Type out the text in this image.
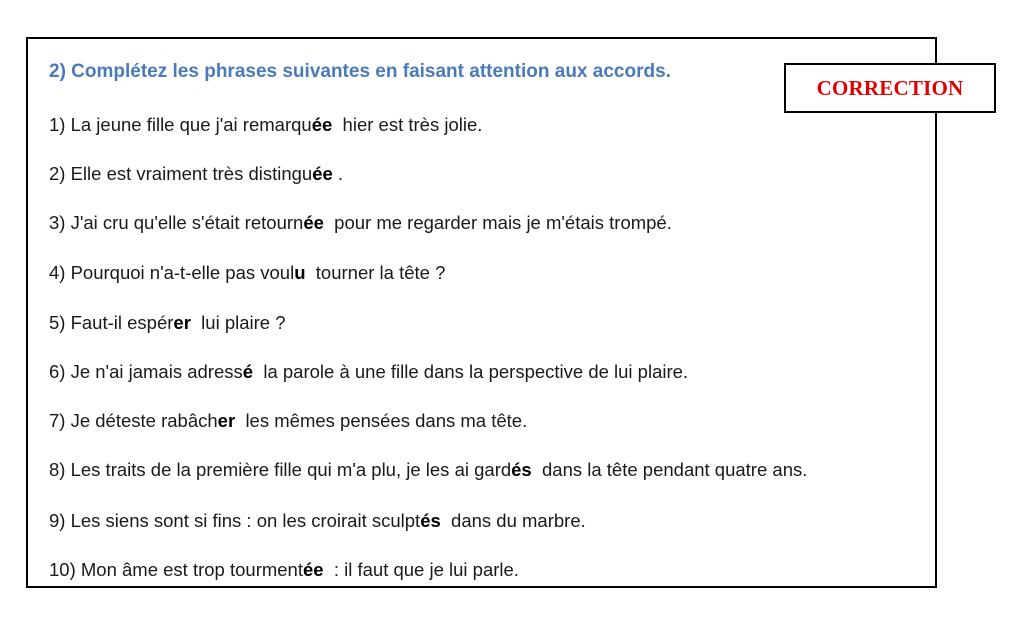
2) Complétez les phrases suivantes en faisant attention aux accords.
1) La jeune fille que j'ai remarquée  hier est très jolie.
2) Elle est vraiment très distinguée .
3) J'ai cru qu'elle s'était retournée  pour me regarder mais je m'étais trompé.
4) Pourquoi n'a-t-elle pas voulu  tourner la tête ?
5) Faut-il espérer  lui plaire ?
6) Je n'ai jamais adressé  la parole à une fille dans la perspective de lui plaire.
7) Je déteste rabâcher  les mêmes pensées dans ma tête.
8) Les traits de la première fille qui m'a plu, je les ai gardés  dans la tête pendant quatre ans.
9) Les siens sont si fins : on les croirait sculptés  dans du marbre.
10) Mon âme est trop tourmentée  : il faut que je lui parle.
CORRECTION
